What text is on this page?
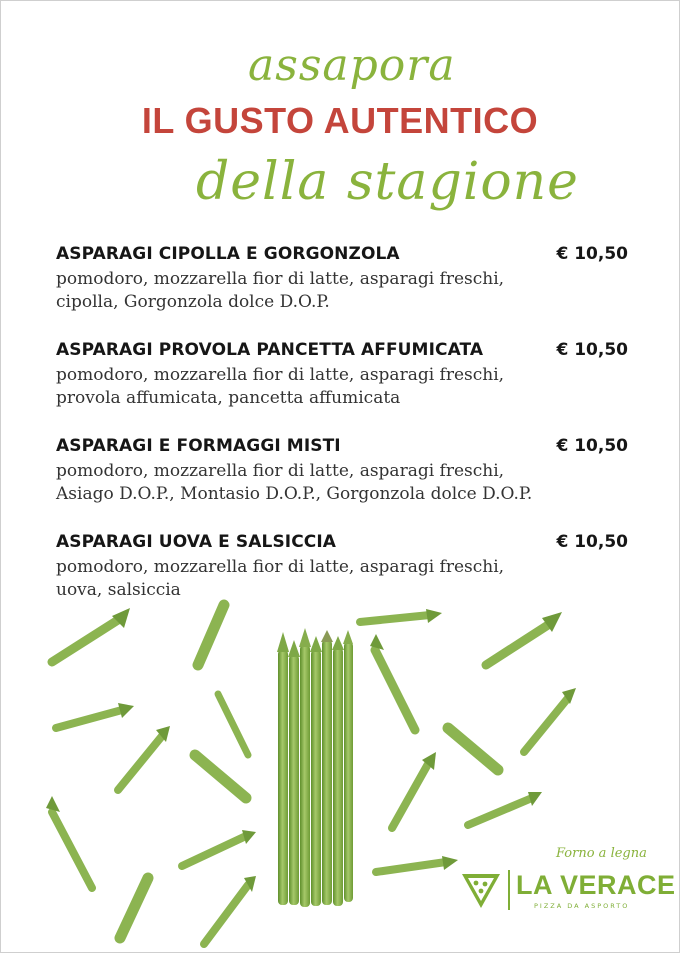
assapora
IL GUSTO AUTENTICO
della stagione
ASPARAGI CIPOLLA E GORGONZOLA	€ 10,50
pomodoro, mozzarella fior di latte, asparagi freschi,
cipolla, Gorgonzola dolce D.O.P.
ASPARAGI PROVOLA PANCETTA AFFUMICATA	€ 10,50
pomodoro, mozzarella fior di latte, asparagi freschi,
provola affumicata, pancetta affumicata
ASPARAGI E FORMAGGI MISTI	€ 10,50
pomodoro, mozzarella fior di latte, asparagi freschi,
Asiago D.O.P., Montasio D.O.P., Gorgonzola dolce D.O.P.
ASPARAGI UOVA E SALSICCIA	€ 10,50
pomodoro, mozzarella fior di latte, asparagi freschi,
uova, salsiccia
Forno a legna
LA VERACE
PIZZA DA ASPORTO
